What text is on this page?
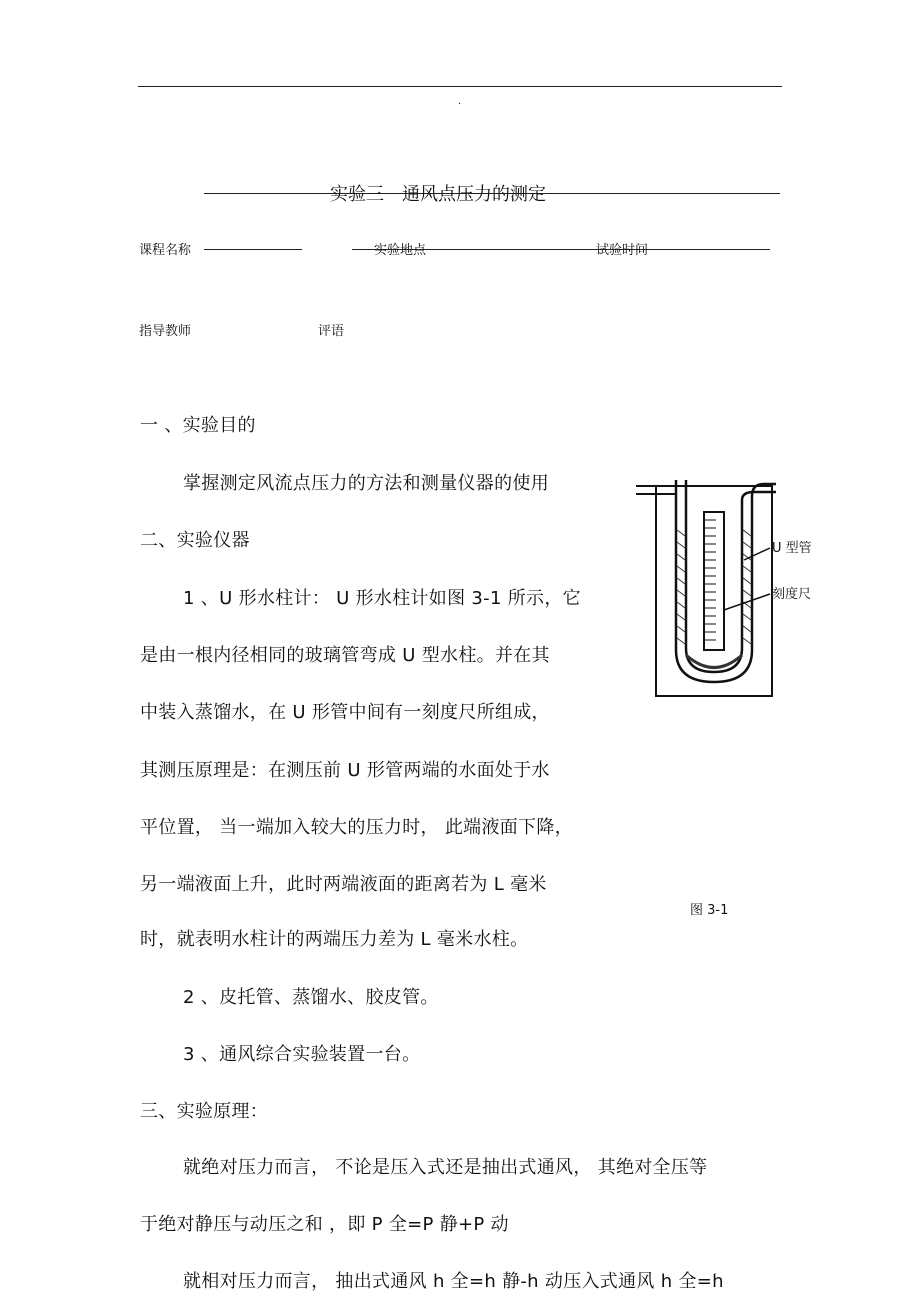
.
实验三　通风点压力的测定
课程名称	实验地点	试验时间
指导教师	评语
一 、实验目的
掌握测定风流点压力的方法和测量仪器的使用
二、实验仪器
1 、U 形水柱计： U 形水柱计如图 3-1 所示，它
是由一根内径相同的玻璃管弯成 U 型水柱。并在其
中装入蒸馏水，在 U 形管中间有一刻度尺所组成，
其测压原理是：在测压前 U 形管两端的水面处于水
平位置， 当一端加入较大的压力时， 此端液面下降，
另一端液面上升，此时两端液面的距离若为 L 毫米
时，就表明水柱计的两端压力差为 L 毫米水柱。
2 、皮托管、蒸馏水、胶皮管。
3 、通风综合实验装置一台。
三、实验原理：
就绝对压力而言， 不论是压入式还是抽出式通风， 其绝对全压等
于绝对静压与动压之和 ，即 P 全=P 静+P 动
就相对压力而言， 抽出式通风 h 全=h 静-h 动压入式通风 h 全=h
U 型管
刻度尺
图 3-1
